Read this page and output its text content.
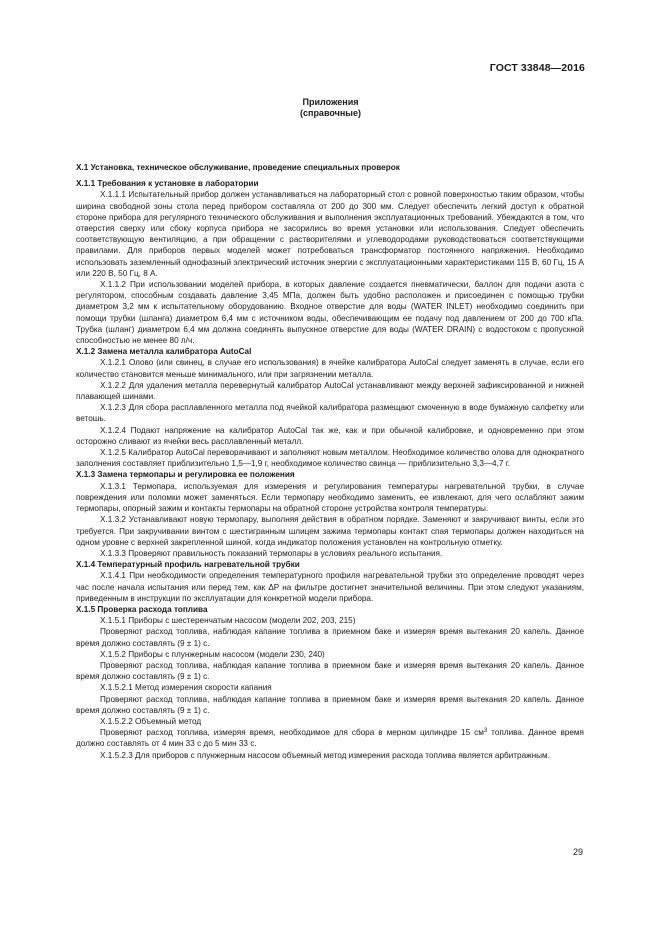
ГОСТ 33848—2016
Приложения
(справочные)

X.1 Установка, техническое обслуживание, проведение специальных проверок

X.1.1 Требования к установке в лаборатории

X.1.1.1 Испытательный прибор должен устанавливаться на лабораторный стол с ровной поверхностью таким образом, чтобы ширина свободной зоны стола перед прибором составляла от 200 до 300 мм. Следует обеспечить легкий доступ к обратной стороне прибора для регулярного технического обслуживания и выполнения эксплуатационных требований. Убеждаются в том, что отверстия сверху или сбоку корпуса прибора не засорились во время установки или использования. Следует обеспечить соответствующую вентиляцию, а при обращении с растворителями и углеводородами руководствоваться соответствующими правилами. Для приборов первых моделей может потребоваться трансформатор постоянного напряжения. Необходимо использовать заземленный однофазный электрический источник энергии с эксплуатационными характеристиками 115 В, 60 Гц, 15 А или 220 В, 50 Гц, 8 А.

X.1.1.2 При использовании моделей прибора, в которых давление создается пневматически, баллон для подачи азота с регулятором, способным создавать давление 3,45 МПа, должен быть удобно расположен и присоединен с помощью трубки диаметром 3,2 мм к испытательному оборудованию. Входное отверстие для воды (WATER INLET) необходимо соединить при помощи трубки (шланга) диаметром 6,4 мм с источником воды, обеспечивающим ее подачу под давлением от 200 до 700 кПа. Трубка (шланг) диаметром 6,4 мм должна соединять выпускное отверстие для воды (WATER DRAIN) с водостоком с пропускной способностью не менее 80 л/ч.

X.1.2 Замена металла калибратора AutoCal

X.1.2.1 Олово (или свинец, в случае его использования) в ячейке калибратора AutoCal следует заменять в случае, если его количество становится меньше минимального, или при загрязнении металла.

X.1.2.2 Для удаления металла перевернутый калибратор AutoCal устанавливают между верхней зафиксированной и нижней плавающей шинами.

X.1.2.3 Для сбора расплавленного металла под ячейкой калибратора размещают смоченную в воде бумажную салфетку или ветошь.

X.1.2.4 Подают напряжение на калибратор AutoCal так же, как и при обычной калибровке, и одновременно при этом осторожно сливают из ячейки весь расплавленный металл.

X.1.2.5 Калибратор AutoCal переворачивают и заполняют новым металлом. Необходимое количество олова для однократного заполнения составляет приблизительно 1,5—1,9 г, необходимое количество свинца — приблизительно 3,3—4,7 г.

X.1.3 Замена термопары и регулировка ее положения

X.1.3.1 Термопара, используемая для измерения и регулирования температуры нагревательной трубки, в случае повреждения или поломки может заменяться. Если термопару необходимо заменить, ее извлекают, для чего ослабляют зажим термопары, опорный зажим и контакты термопары на обратной стороне устройства контроля температуры.

X.1.3.2 Устанавливают новую термопару, выполняя действия в обратном порядке. Заменяют и закручивают винты, если это требуется. При закручивании винтом с шестигранным шлицем зажима термопары контакт спая термопары должен находиться на одном уровне с верхней закрепленной шиной, когда индикатор положения установлен на контрольную отметку.

X.1.3.3 Проверяют правильность показаний термопары в условиях реального испытания.

X.1.4 Температурный профиль нагревательной трубки

X.1.4.1 При необходимости определения температурного профиля нагревательной трубки это определение проводят через час после начала испытания или перед тем, как ΔP на фильтре достигнет значительной величины. При этом следуют указаниям, приведенным в инструкции по эксплуатации для конкретной модели прибора.

X.1.5 Проверка расхода топлива

X.1.5.1 Приборы с шестеренчатым насосом (модели 202, 203, 215)

Проверяют расход топлива, наблюдая капание топлива в приемном баке и измеряя время вытекания 20 капель. Данное время должно составлять (9 ± 1) с.

X.1.5.2 Приборы с плунжерным насосом (модели 230, 240)

Проверяют расход топлива, наблюдая капание топлива в приемном баке и измеряя время вытекания 20 капель. Данное время должно составлять (9 ± 1) с.

X.1.5.2.1 Метод измерения скорости капания

Проверяют расход топлива, наблюдая капание топлива в приемном баке и измеряя время вытекания 20 капель. Данное время должно составлять (9 ± 1) с.

X.1.5.2.2 Объемный метод

Проверяют расход топлива, измеряя время, необходимое для сбора в мерном цилиндре 15 $см^3$ топлива. Данное время должно составлять от 4 мин 33 с до 5 мин 33 с.

X.1.5.2.3 Для приборов с плунжерным насосом объемный метод измерения расхода топлива является арбитражным.

29
